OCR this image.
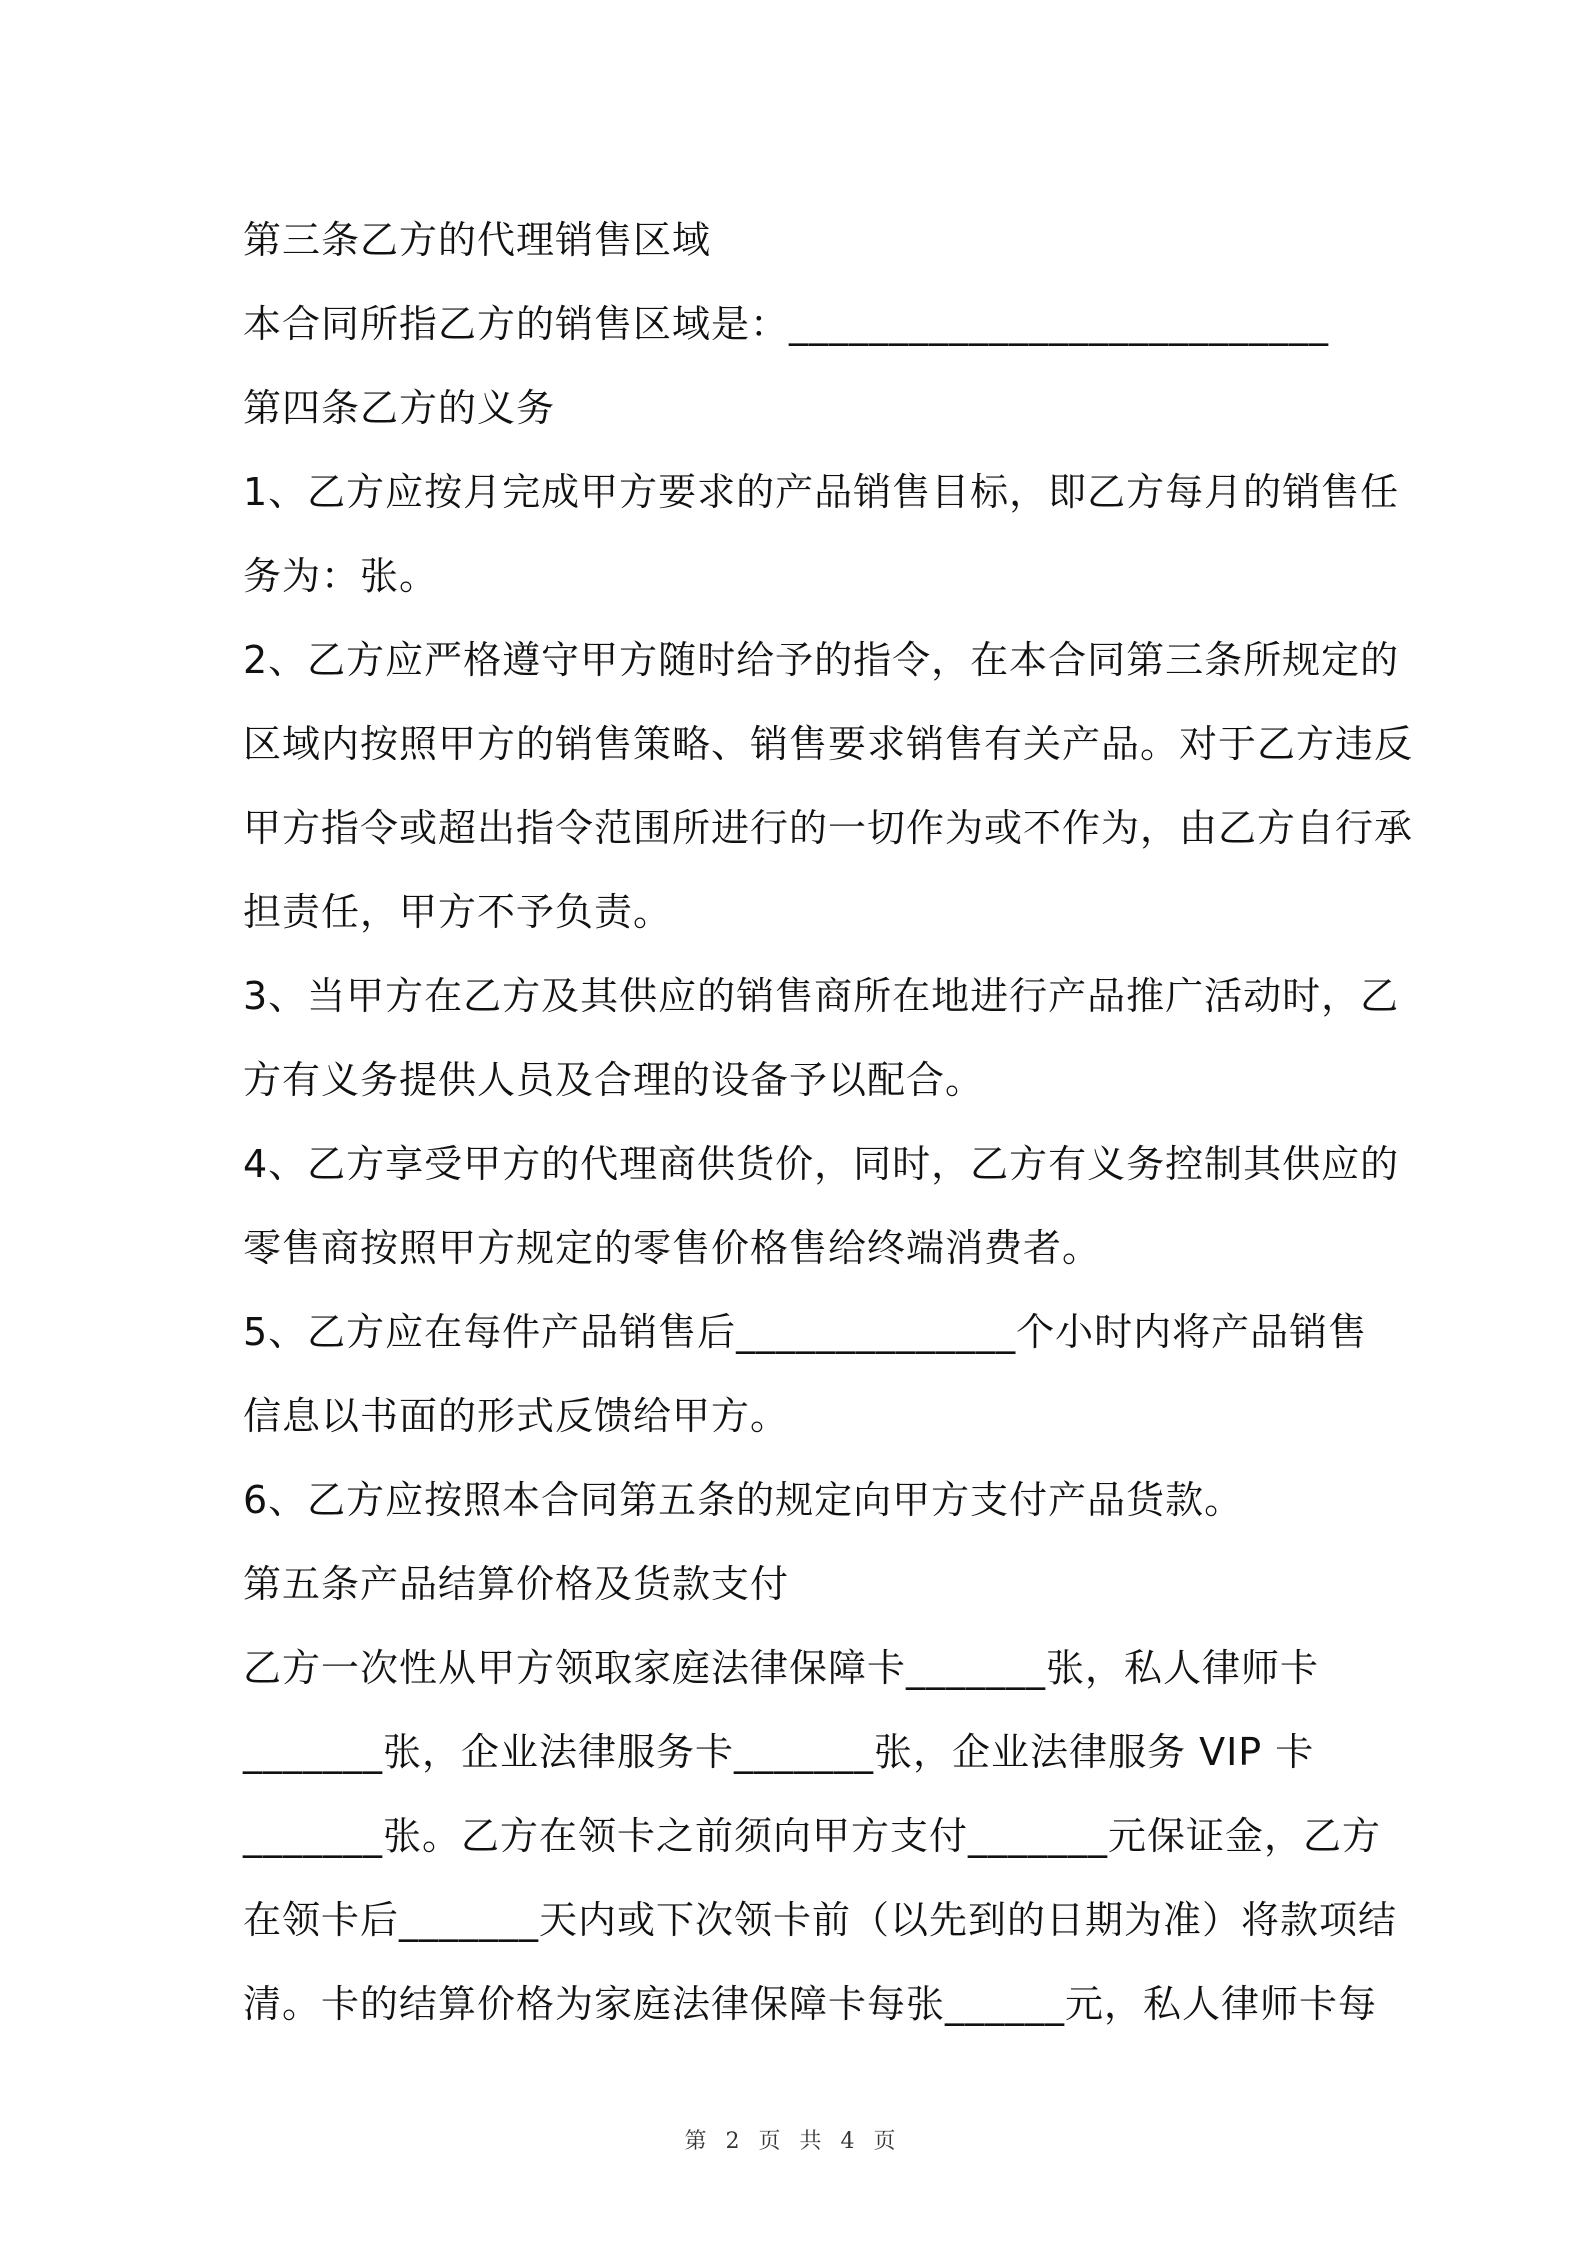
第三条乙方的代理销售区域
本合同所指乙方的销售区域是：___________________________
第四条乙方的义务
1、乙方应按月完成甲方要求的产品销售目标，即乙方每月的销售任
务为：张。
2、乙方应严格遵守甲方随时给予的指令，在本合同第三条所规定的
区域内按照甲方的销售策略、销售要求销售有关产品。对于乙方违反
甲方指令或超出指令范围所进行的一切作为或不作为，由乙方自行承
担责任，甲方不予负责。
3、当甲方在乙方及其供应的销售商所在地进行产品推广活动时，乙
方有义务提供人员及合理的设备予以配合。
4、乙方享受甲方的代理商供货价，同时，乙方有义务控制其供应的
零售商按照甲方规定的零售价格售给终端消费者。
5、乙方应在每件产品销售后______________个小时内将产品销售
信息以书面的形式反馈给甲方。
6、乙方应按照本合同第五条的规定向甲方支付产品货款。
第五条产品结算价格及货款支付
乙方一次性从甲方领取家庭法律保障卡_______张，私人律师卡
_______张，企业法律服务卡_______张，企业法律服务 VIP 卡
_______张。乙方在领卡之前须向甲方支付_______元保证金，乙方
在领卡后_______天内或下次领卡前（以先到的日期为准）将款项结
清。卡的结算价格为家庭法律保障卡每张______元，私人律师卡每
第 2 页 共 4 页
